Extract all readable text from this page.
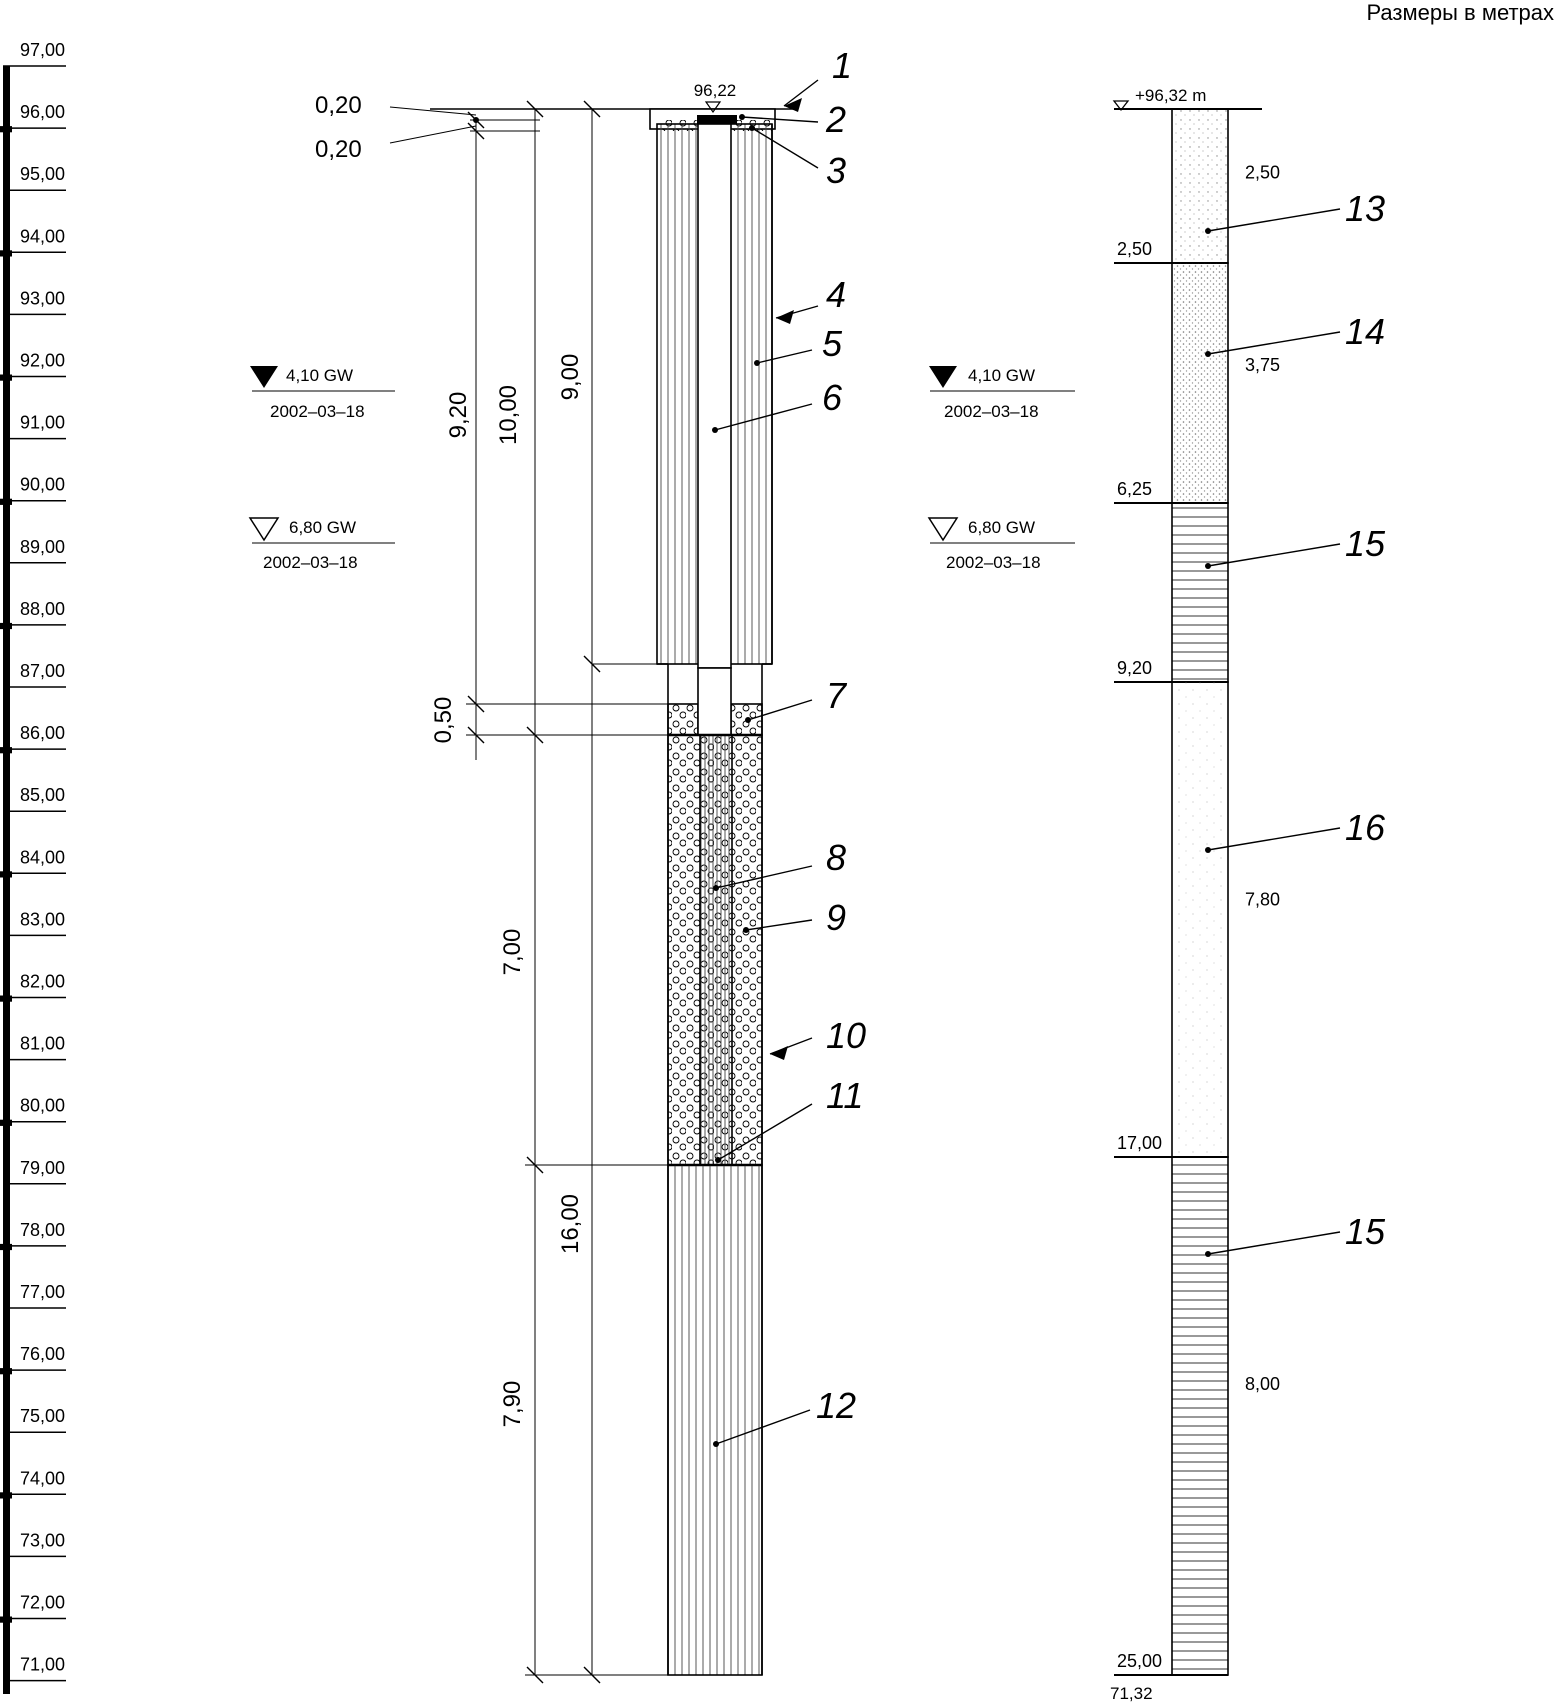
Размеры в метрах
97,00
96,00
95,00
94,00
93,00
92,00
91,00
90,00
89,00
88,00
87,00
86,00
85,00
84,00
83,00
82,00
81,00
80,00
79,00
78,00
77,00
76,00
75,00
74,00
73,00
72,00
71,00
96,22
0,20
0,20
9,20 10,00
9,00
0,50
7,00
16,00
7,90
1
2
3
4
5
6
7
8
9
10
11
12
4,10 GW
2002–03–18
6,80 GW
2002–03–18
4,10 GW
2002–03–18
6,80 GW
2002–03–18
+96,32 m
2,50
2,50
13
6,25
3,75
14
9,20
15
17,00
7,80
16
25,00
8,00
15
71,32
